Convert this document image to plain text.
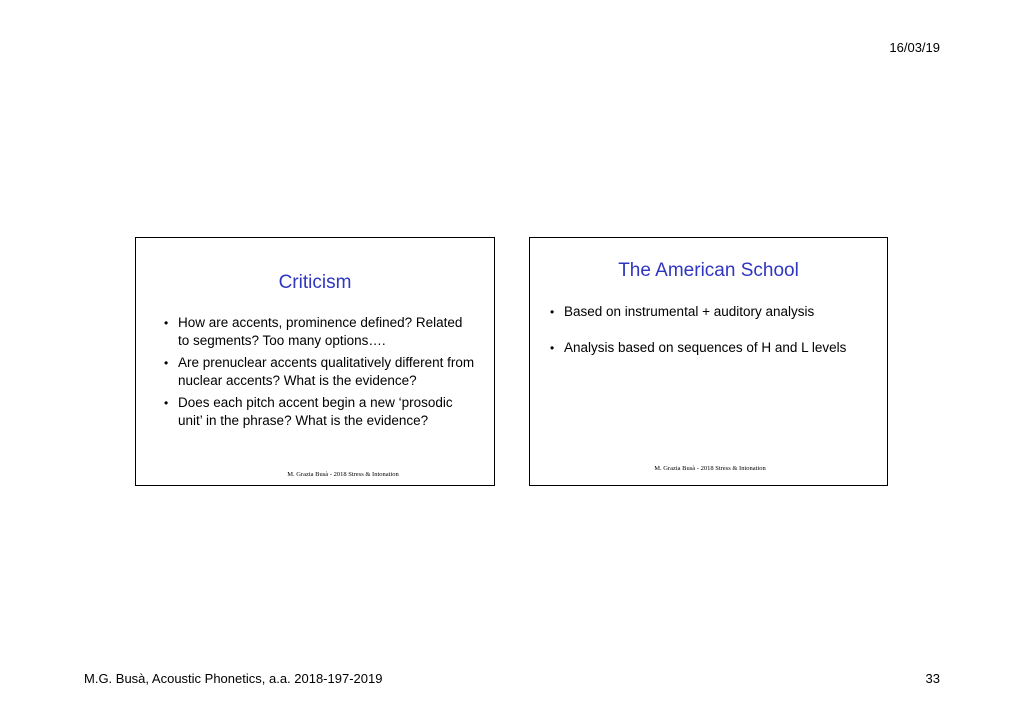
16/03/19
Criticism
• How are accents, prominence defined? Related to segments? Too many options….
• Are prenuclear accents qualitatively different from nuclear accents? What is the evidence?
• Does each pitch accent begin a new ‘prosodic unit’ in the phrase? What is the evidence?
M. Grazia Busà - 2018 Stress & Intonation
The American School
• Based on instrumental + auditory analysis
• Analysis based on sequences of H and L levels
M. Grazia Busà - 2018 Stress & Intonation
M.G. Busà, Acoustic Phonetics, a.a. 2018-197-2019	33
